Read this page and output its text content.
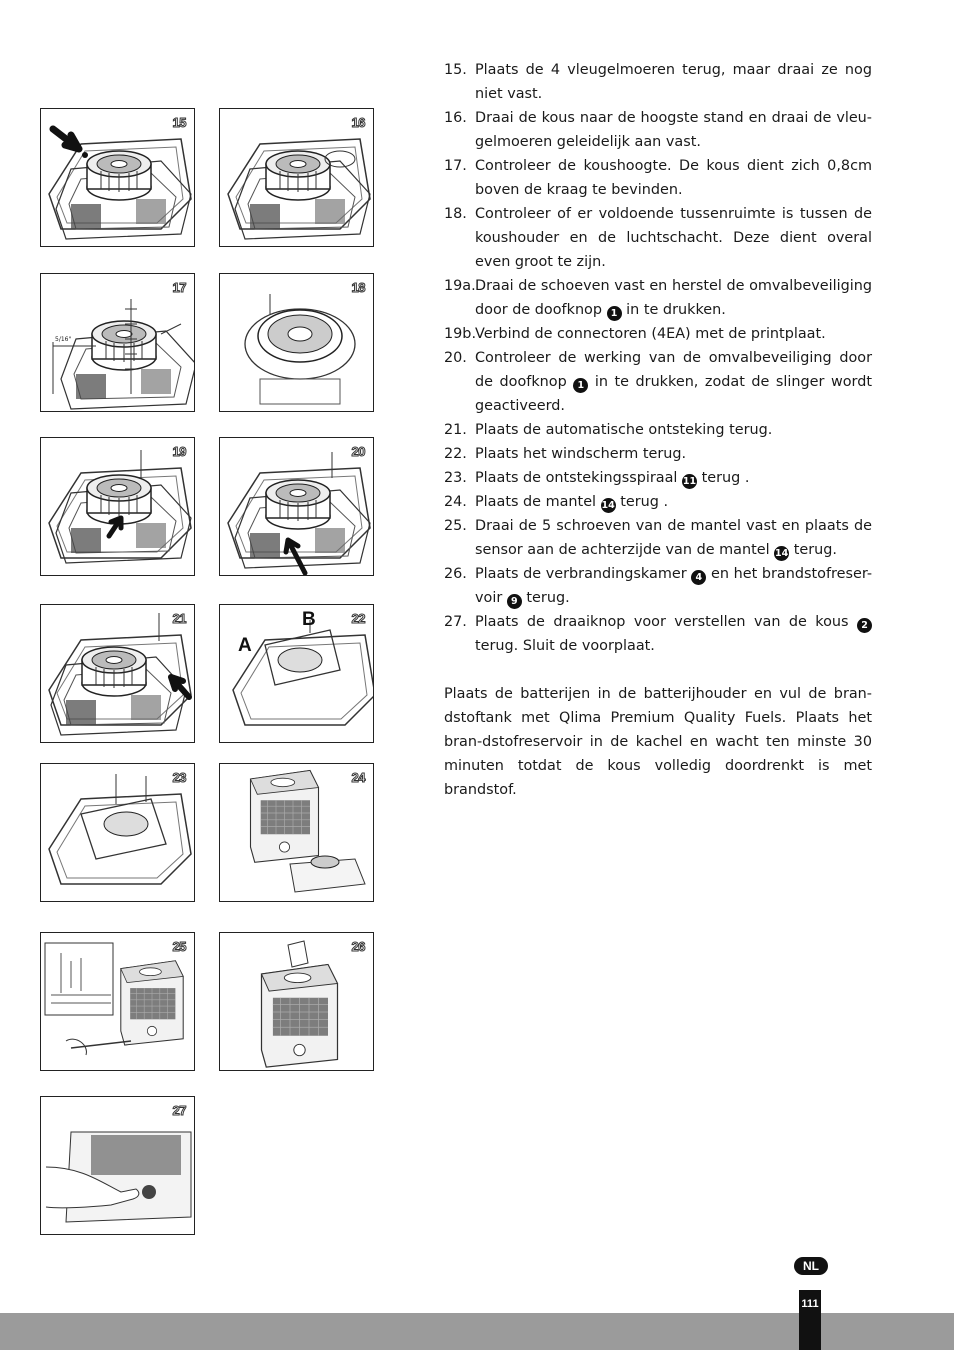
15	16
5/16"
17	18
19	20
21
A
B	22
23	24
25	26
27
15. Plaats de 4 vleugelmoeren terug, maar draai ze nog niet vast.
16. Draai de kous naar de hoogste stand en draai de vleu-gelmoeren geleidelijk aan vast.
17. Controleer de koushoogte. De kous dient zich 0,8cm boven de kraag te bevinden.
18. Controleer of er voldoende tussenruimte is tussen de koushouder en de luchtschacht. Deze dient overal even groot te zijn.
19a. Draai de schoeven vast en herstel de omvalbeveiliging door de doofknop 1 in te drukken.
19b.
Verbind de connectoren (4EA) met de printplaat.
20. Controleer de werking van de omvalbeveiliging door de doofknop 1 in te drukken, zodat de slinger wordt geactiveerd.
21. Plaats de automatische ontsteking terug.
22. Plaats het windscherm terug.
23. Plaats de ontstekingsspiraal 11 terug .
24. Plaats de mantel 14 terug .
25. Draai de 5 schroeven van de mantel vast en plaats de sensor aan de achterzijde van de mantel 14 terug.
26. Plaats de verbrandingskamer 4 en het brandstofreser-voir 9 terug.
27. Plaats de draaiknop voor verstellen van de kous 2 terug. Sluit de voorplaat.
Plaats de batterijen in de batterijhouder en vul de bran-dstoftank met Qlima Premium Quality Fuels. Plaats het bran-dstofreservoir in de kachel en wacht ten minste 30 minuten totdat de kous volledig doordrenkt is met brandstof.
NL
111
